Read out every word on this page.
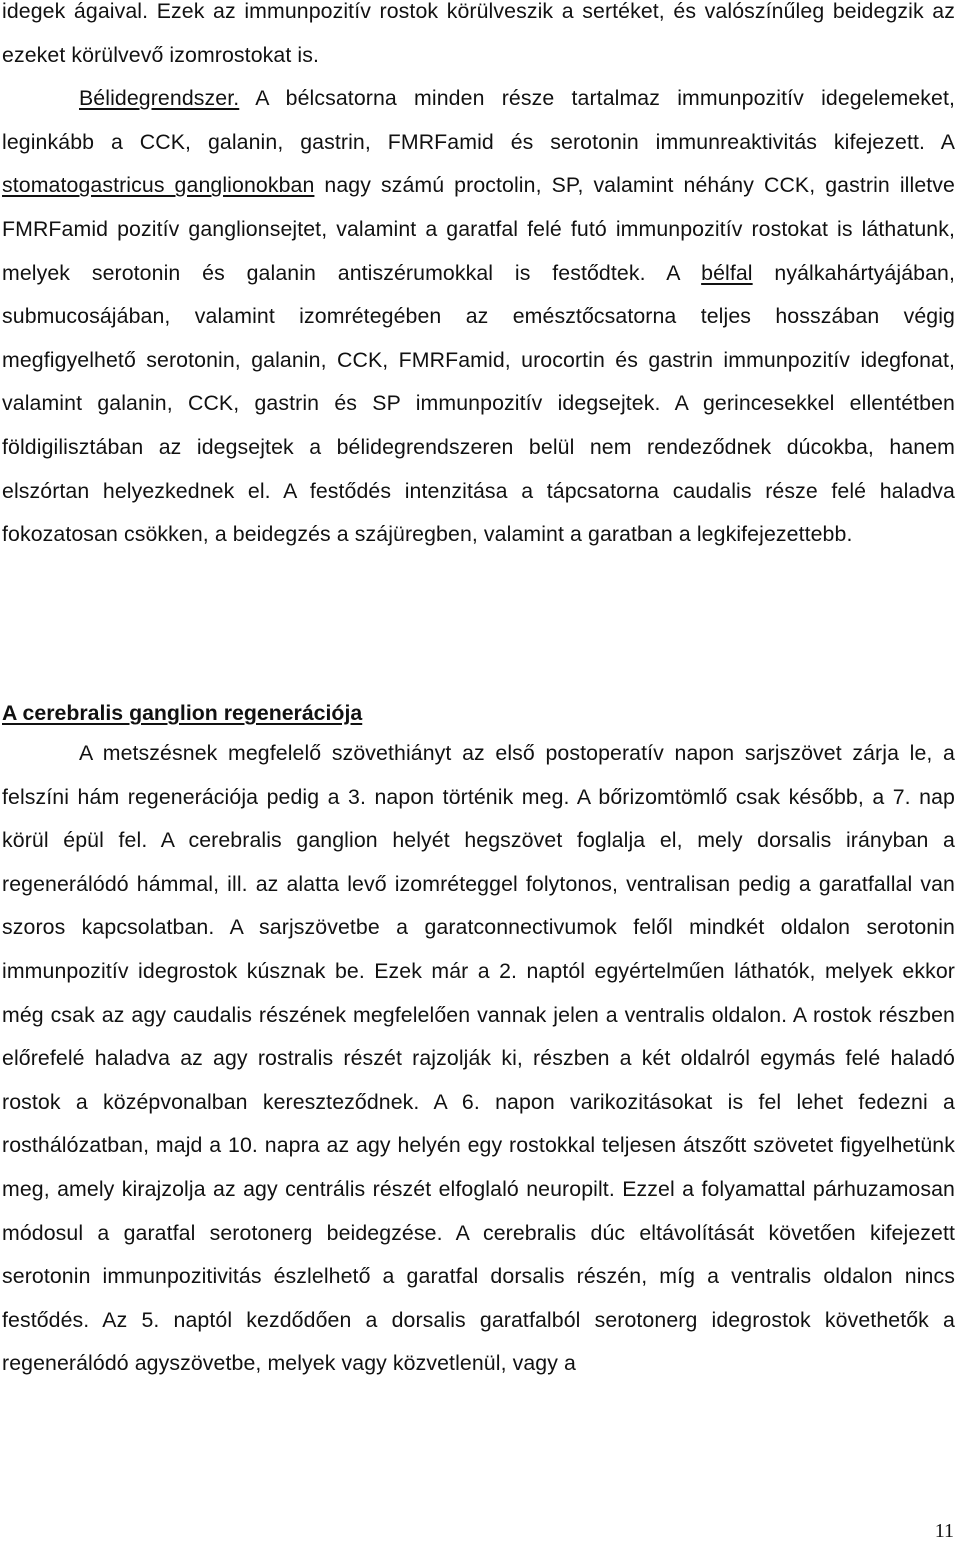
idegek ágaival. Ezek az immunpozitív rostok körülveszik a sertéket, és valószínűleg beidegzik az ezeket körülvevő izomrostokat is.

Bélidegrendszer. A bélcsatorna minden része tartalmaz immunpozitív idegelemeket, leginkább a CCK, galanin, gastrin, FMRFamid és serotonin immunreaktivitás kifejezett. A stomatogastricus ganglionokban nagy számú proctolin, SP, valamint néhány CCK, gastrin illetve FMRFamid pozitív ganglionsejtet, valamint a garatfal felé futó immunpozitív rostokat is láthatunk, melyek serotonin és galanin antiszérumokkal is festődtek. A bélfal nyálkahártyájában, submucosájában, valamint izomrétegében az emésztőcsatorna teljes hosszában végig megfigyelhető serotonin, galanin, CCK, FMRFamid, urocortin és gastrin immunpozitív idegfonat, valamint galanin, CCK, gastrin és SP immunpozitív idegsejtek. A gerincesekkel ellentétben földigilisztában az idegsejtek a bélidegrendszeren belül nem rendeződnek dúcokba, hanem elszórtan helyezkednek el. A festődés intenzitása a tápcsatorna caudalis része felé haladva fokozatosan csökken, a beidegzés a szájüregben, valamint a garatban a legkifejezettebb.

A cerebralis ganglion regenerációja

A metszésnek megfelelő szövethiányt az első postoperatív napon sarjszövet zárja le, a felszíni hám regenerációja pedig a 3. napon történik meg. A bőrizomtömlő csak később, a 7. nap körül épül fel. A cerebralis ganglion helyét hegszövet foglalja el, mely dorsalis irányban a regenerálódó hámmal, ill. az alatta levő izomréteggel folytonos, ventralisan pedig a garatfallal van szoros kapcsolatban. A sarjszövetbe a garatconnectivumok felől mindkét oldalon serotonin immunpozitív idegrostok kúsznak be. Ezek már a 2. naptól egyértelműen láthatók, melyek ekkor még csak az agy caudalis részének megfelelően vannak jelen a ventralis oldalon. A rostok részben előrefelé haladva az agy rostralis részét rajzolják ki, részben a két oldalról egymás felé haladó rostok a középvonalban kereszteződnek. A 6. napon varikozitásokat is fel lehet fedezni a rosthálózatban, majd a 10. napra az agy helyén egy rostokkal teljesen átszőtt szövetet figyelhetünk meg, amely kirajzolja az agy centrális részét elfoglaló neuropilt. Ezzel a folyamattal párhuzamosan módosul a garatfal serotonerg beidegzése. A cerebralis dúc eltávolítását követően kifejezett serotonin immunpozitivitás észlelhető a garatfal dorsalis részén, míg a ventralis oldalon nincs festődés. Az 5. naptól kezdődően a dorsalis garatfalból serotonerg idegrostok követhetők a regenerálódó agyszövetbe, melyek vagy közvetlenül, vagy a

11
